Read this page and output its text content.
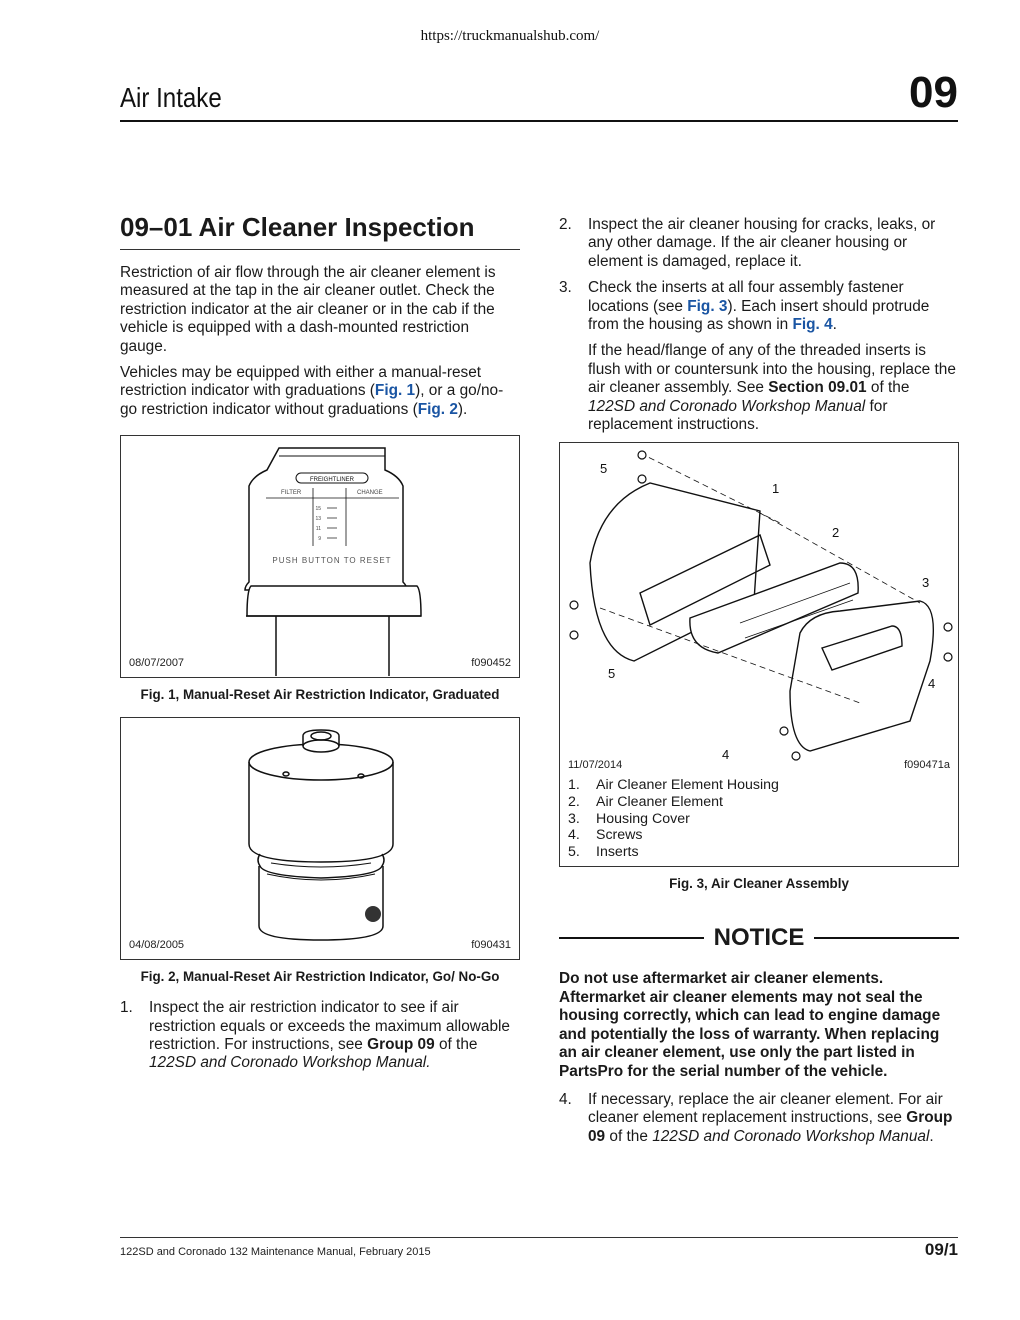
https://truckmanualshub.com/
Air Intake	09
09–01 Air Cleaner Inspection

Restriction of air flow through the air cleaner element is measured at the tap in the air cleaner outlet. Check the restriction indicator at the air cleaner or in the cab if the vehicle is equipped with a dash-mounted restriction gauge.

Vehicles may be equipped with either a manual-reset restriction indicator with graduations (Fig. 1), or a go/no-go restriction indicator without graduations (Fig. 2).

FREIGHTLINER
FILTER	CHANGE
15
13
11
9
PUSH BUTTON TO RESET
08/07/2007	f090452
Fig. 1, Manual-Reset Air Restriction Indicator, Graduated
04/08/2005	f090431
Fig. 2, Manual-Reset Air Restriction Indicator, Go/ No-Go
1.	Inspect the air restriction indicator to see if air restriction equals or exceeds the maximum allowable restriction. For instructions, see Group 09 of the 122SD and Coronado Workshop Manual.
2.	Inspect the air cleaner housing for cracks, leaks, or any other damage. If the air cleaner housing or element is damaged, replace it.
3.	Check the inserts at all four assembly fastener locations (see Fig. 3). Each insert should protrude from the housing as shown in Fig. 4.
If the head/flange of any of the threaded inserts is flush with or countersunk into the housing, replace the air cleaner assembly. See Section 09.01 of the 122SD and Coronado Workshop Manual for replacement instructions.
1
2
3
4
4
5
5
11/07/2014	f090471a
1.	Air Cleaner Element Housing
2.	Air Cleaner Element
3.	Housing Cover
4.	Screws
5.	Inserts
Fig. 3, Air Cleaner Assembly
NOTICE
Do not use aftermarket air cleaner elements. Aftermarket air cleaner elements may not seal the housing correctly, which can lead to engine damage and potentially the loss of warranty. When replacing an air cleaner element, use only the part listed in PartsPro for the serial number of the vehicle.
4.	If necessary, replace the air cleaner element. For air cleaner element replacement instructions, see Group 09 of the 122SD and Coronado Workshop Manual.
122SD and Coronado 132 Maintenance Manual, February 2015	09/1
